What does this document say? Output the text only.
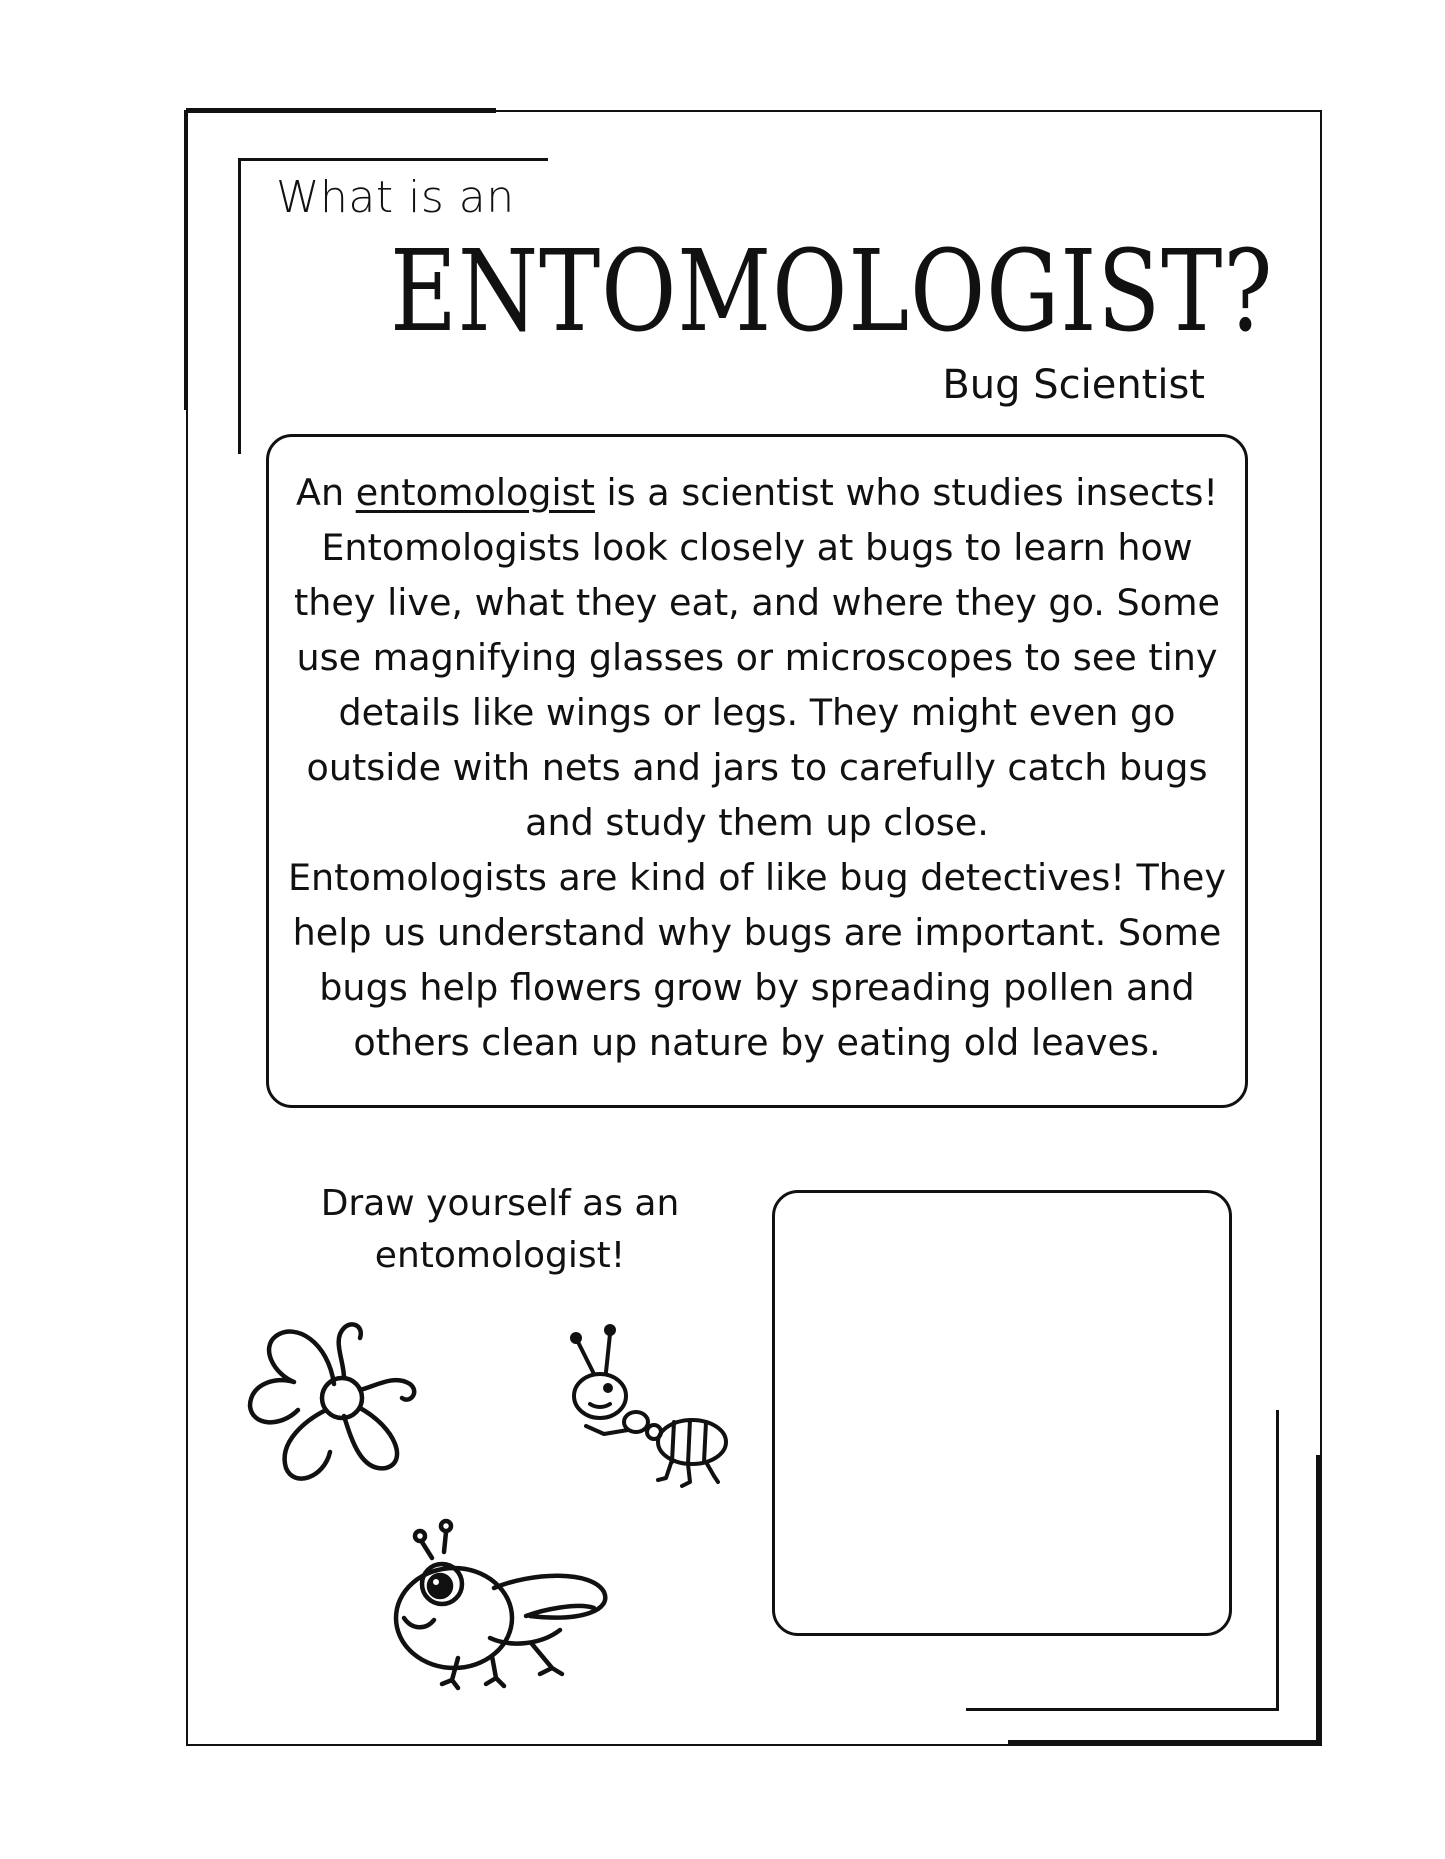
What is an
ENTOMOLOGIST?
Bug Scientist

An entomologist is a scientist who studies insects! Entomologists look closely at bugs to learn how they live, what they eat, and where they go. Some use magnifying glasses or microscopes to see tiny details like wings or legs. They might even go outside with nets and jars to carefully catch bugs and study them up close.

Entomologists are kind of like bug detectives! They help us understand why bugs are important. Some bugs help flowers grow by spreading pollen and others clean up nature by eating old leaves.

Draw yourself as an
entomologist!
